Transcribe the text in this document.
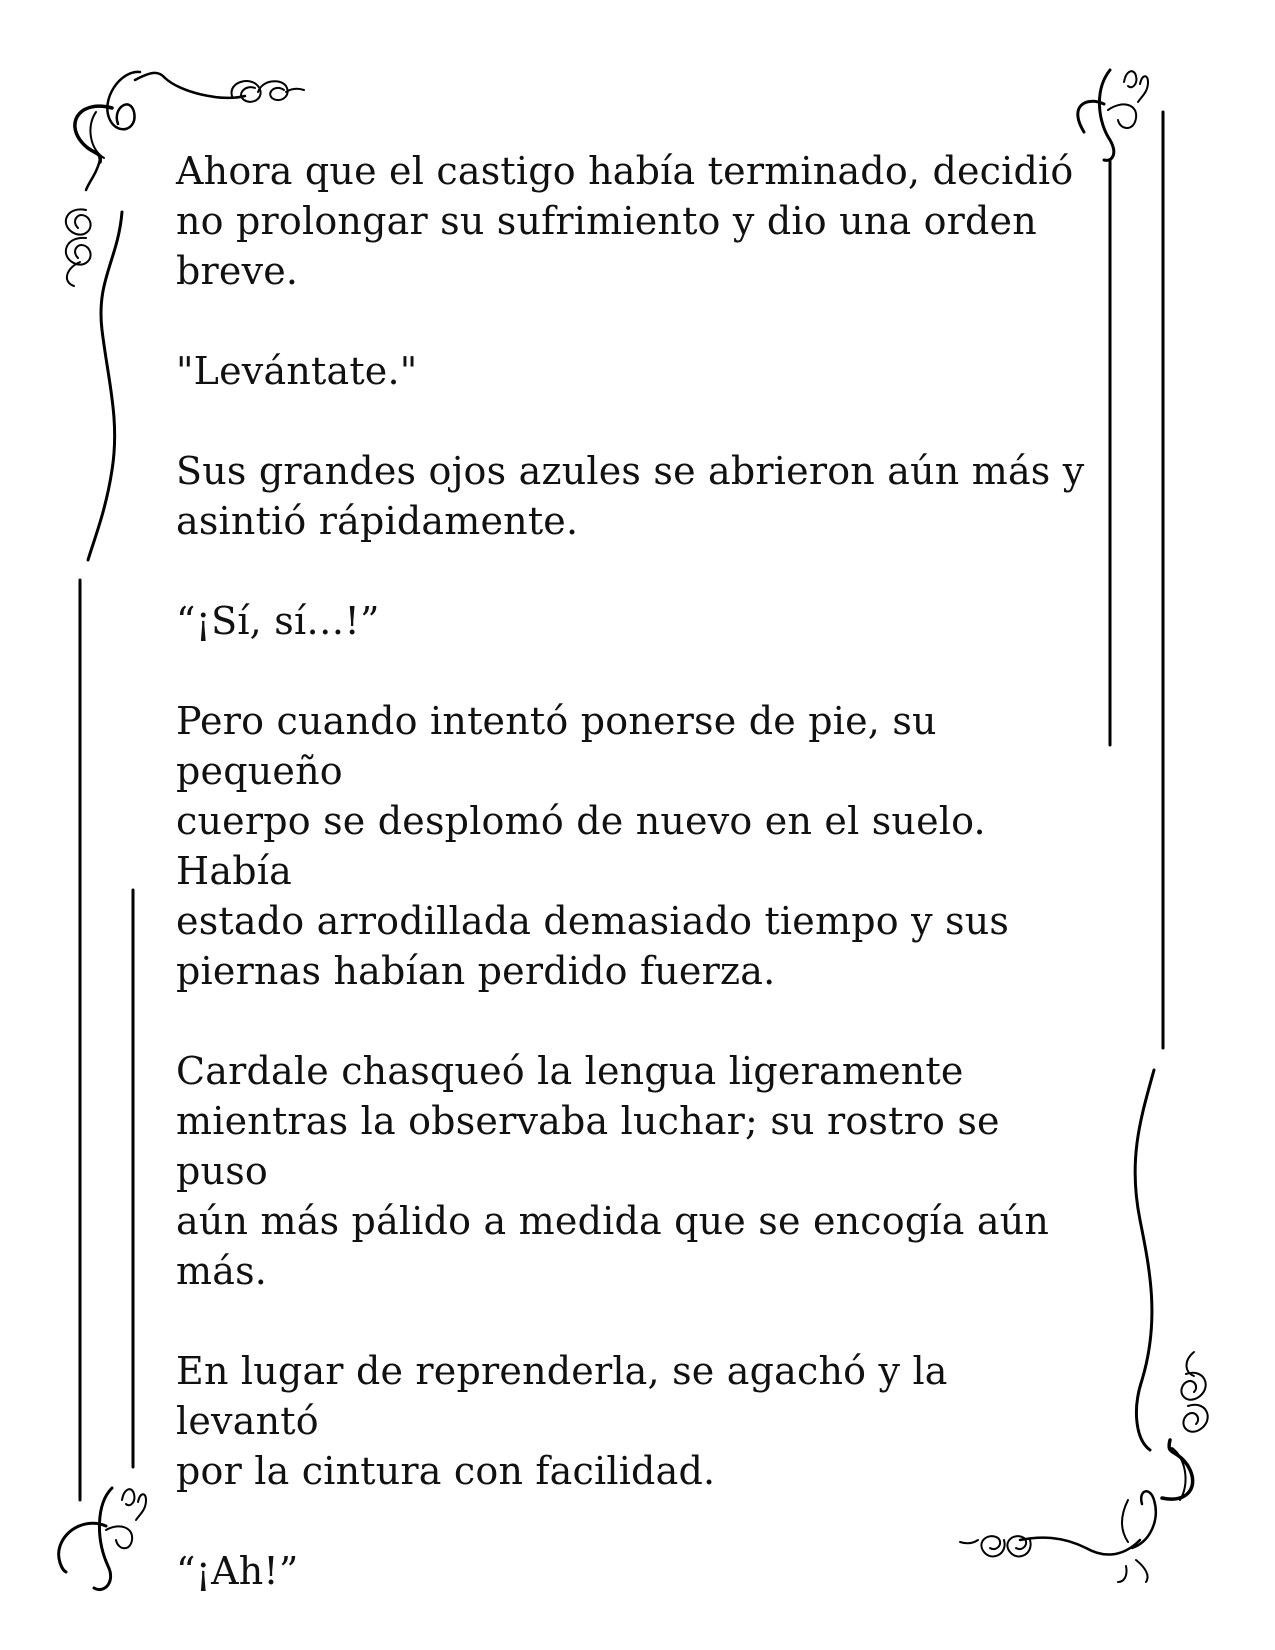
Ahora que el castigo había terminado, decidió
no prolongar su sufrimiento y dio una orden
breve.

"Levántate."

Sus grandes ojos azules se abrieron aún más y
asintió rápidamente.

“¡Sí, sí…!”

Pero cuando intentó ponerse de pie, su pequeño
cuerpo se desplomó de nuevo en el suelo. Había
estado arrodillada demasiado tiempo y sus
piernas habían perdido fuerza.

Cardale chasqueó la lengua ligeramente
mientras la observaba luchar; su rostro se puso
aún más pálido a medida que se encogía aún
más.

En lugar de reprenderla, se agachó y la levantó
por la cintura con facilidad.

“¡Ah!”
